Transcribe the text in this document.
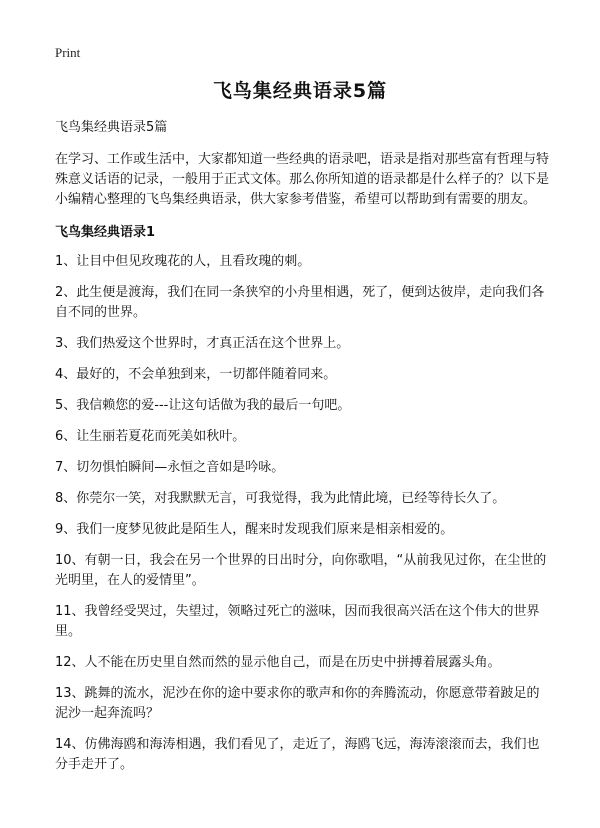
Print
飞鸟集经典语录5篇

飞鸟集经典语录5篇

在学习、工作或生活中，大家都知道一些经典的语录吧，语录是指对那些富有哲理与特殊意义话语的记录，一般用于正式文体。那么你所知道的语录都是什么样子的？以下是小编精心整理的飞鸟集经典语录，供大家参考借鉴，希望可以帮助到有需要的朋友。

飞鸟集经典语录1

1、让目中但见玫瑰花的人，且看玫瑰的刺。

2、此生便是渡海，我们在同一条狭窄的小舟里相遇，死了，便到达彼岸，走向我们各自不同的世界。

3、我们热爱这个世界时，才真正活在这个世界上。

4、最好的，不会单独到来，一切都伴随着同来。

5、我信赖您的爱---让这句话做为我的最后一句吧。

6、让生丽若夏花而死美如秋叶。

7、切勿惧怕瞬间—永恒之音如是吟咏。

8、你莞尔一笑，对我默默无言，可我觉得，我为此情此境，已经等待长久了。

9、我们一度梦见彼此是陌生人，醒来时发现我们原来是相亲相爱的。

10、有朝一日，我会在另一个世界的日出时分，向你歌唱，“从前我见过你，在尘世的光明里，在人的爱情里”。

11、我曾经受哭过，失望过，领略过死亡的滋味，因而我很高兴活在这个伟大的世界里。

12、人不能在历史里自然而然的显示他自己，而是在历史中拼搏着展露头角。

13、跳舞的流水，泥沙在你的途中要求你的歌声和你的奔腾流动，你愿意带着跛足的泥沙一起奔流吗？

14、仿佛海鸥和海涛相遇，我们看见了，走近了，海鸥飞远，海涛滚滚而去，我们也分手走开了。
